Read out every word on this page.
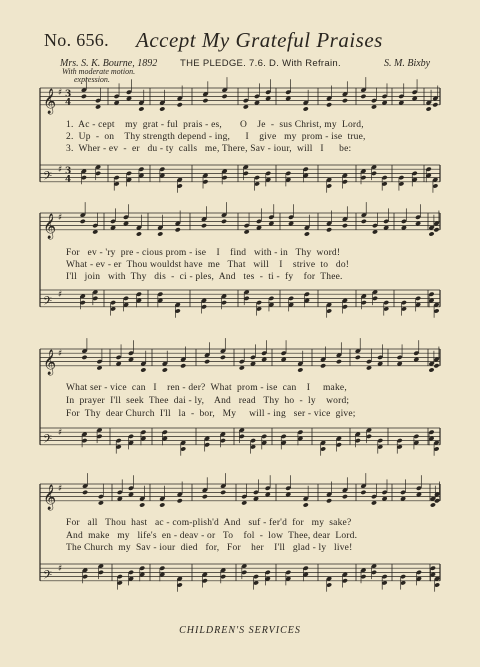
No. 656. Accept My Grateful Praises
Mrs. S. K. Bourne, 1892 THE PLEDGE. 7.6. D. With Refrain.	S. M. Bixby
With moderate motion.
expression.
𝄞 ♯ 3
4
𝄢 ♯ 3
4
𝄞 ♯
𝄢 ♯
𝄞 ♯
𝄢 ♯
𝄞 ♯
𝄢 ♯
1.  Ac - cept    my  grat - ful  prais - es,       O    Je  -  sus Christ, my  Lord,
2.  Up  -  on    Thy strength depend - ing,      I    give   my  prom - ise  true,
3.  Wher - ev  -  er   du - ty  calls   me, There, Sav - iour,  will   I      be:
For   ev - 'ry  pre - cious prom - ise    I    find   with - in   Thy  word!
What - ev - er  Thou wouldst have  me   That   will    I    strive  to   do!
I'll   join   with  Thy   dis  -  ci - ples,  And   tes  -  ti -  fy    for  Thee.
What ser - vice  can   I    ren - der?  What  prom - ise  can    I     make,
In  prayer  I'll  seek  Thee  dai - ly,    And   read   Thy  ho  -  ly    word;
For  Thy  dear Church  I'll   la  -  bor,   My     will - ing   ser - vice  give;
For   all   Thou  hast   ac - com-plish'd  And   suf - fer'd  for   my  sake?
And  make   my   life's  en - deav - or   To    fol  -  low  Thee, dear  Lord.
The Church  my  Sav - iour  died   for,   For    her    I'll   glad - ly   live!
CHILDREN'S SERVICES
